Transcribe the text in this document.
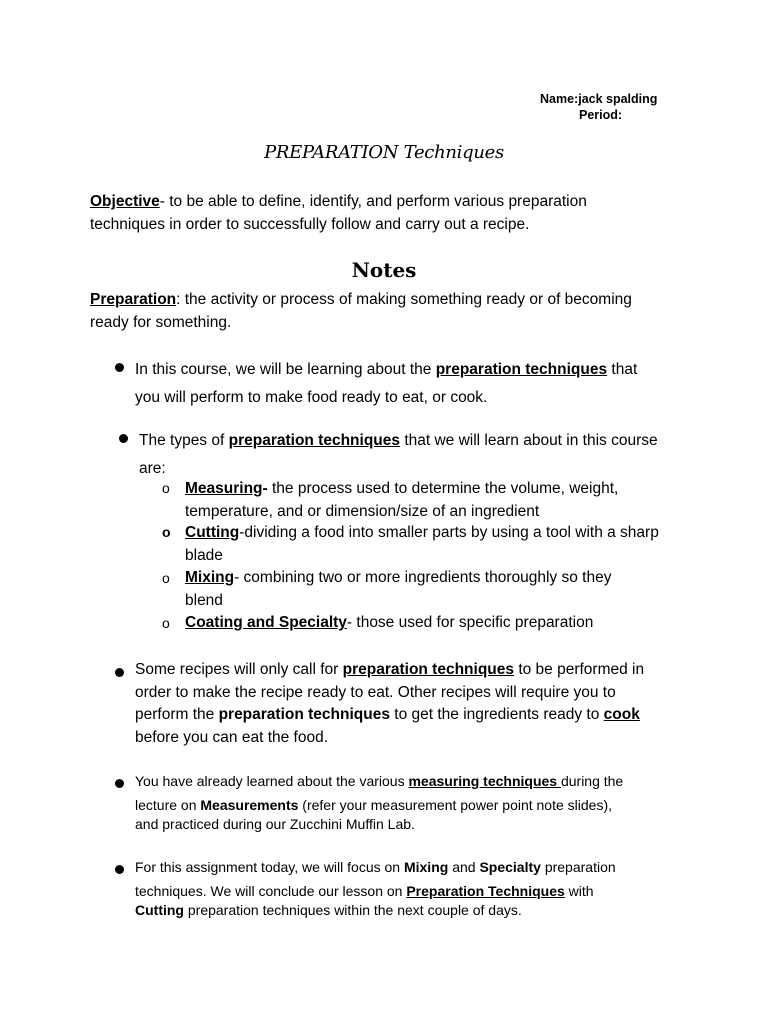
Name:jack spalding
Period:
PREPARATION Techniques
Objective- to be able to define, identify, and perform various preparation
techniques in order to successfully follow and carry out a recipe.
Notes
Preparation: the activity or process of making something ready or of becoming
ready for something.
In this course, we will be learning about the preparation techniques that
you will perform to make food ready to eat, or cook.
The types of preparation techniques that we will learn about in this course
are:
o Measuring- the process used to determine the volume, weight,
temperature, and or dimension/size of an ingredient
o Cutting-dividing a food into smaller parts by using a tool with a sharp
blade
o Mixing- combining two or more ingredients thoroughly so they
blend
o Coating and Specialty- those used for specific preparation
Some recipes will only call for preparation techniques to be performed in
order to make the recipe ready to eat. Other recipes will require you to
perform the preparation techniques to get the ingredients ready to cook
before you can eat the food.
You have already learned about the various measuring techniques during the
lecture on Measurements (refer your measurement power point note slides),
and practiced during our Zucchini Muffin Lab.
For this assignment today, we will focus on Mixing and Specialty preparation
techniques. We will conclude our lesson on Preparation Techniques with
Cutting preparation techniques within the next couple of days.
